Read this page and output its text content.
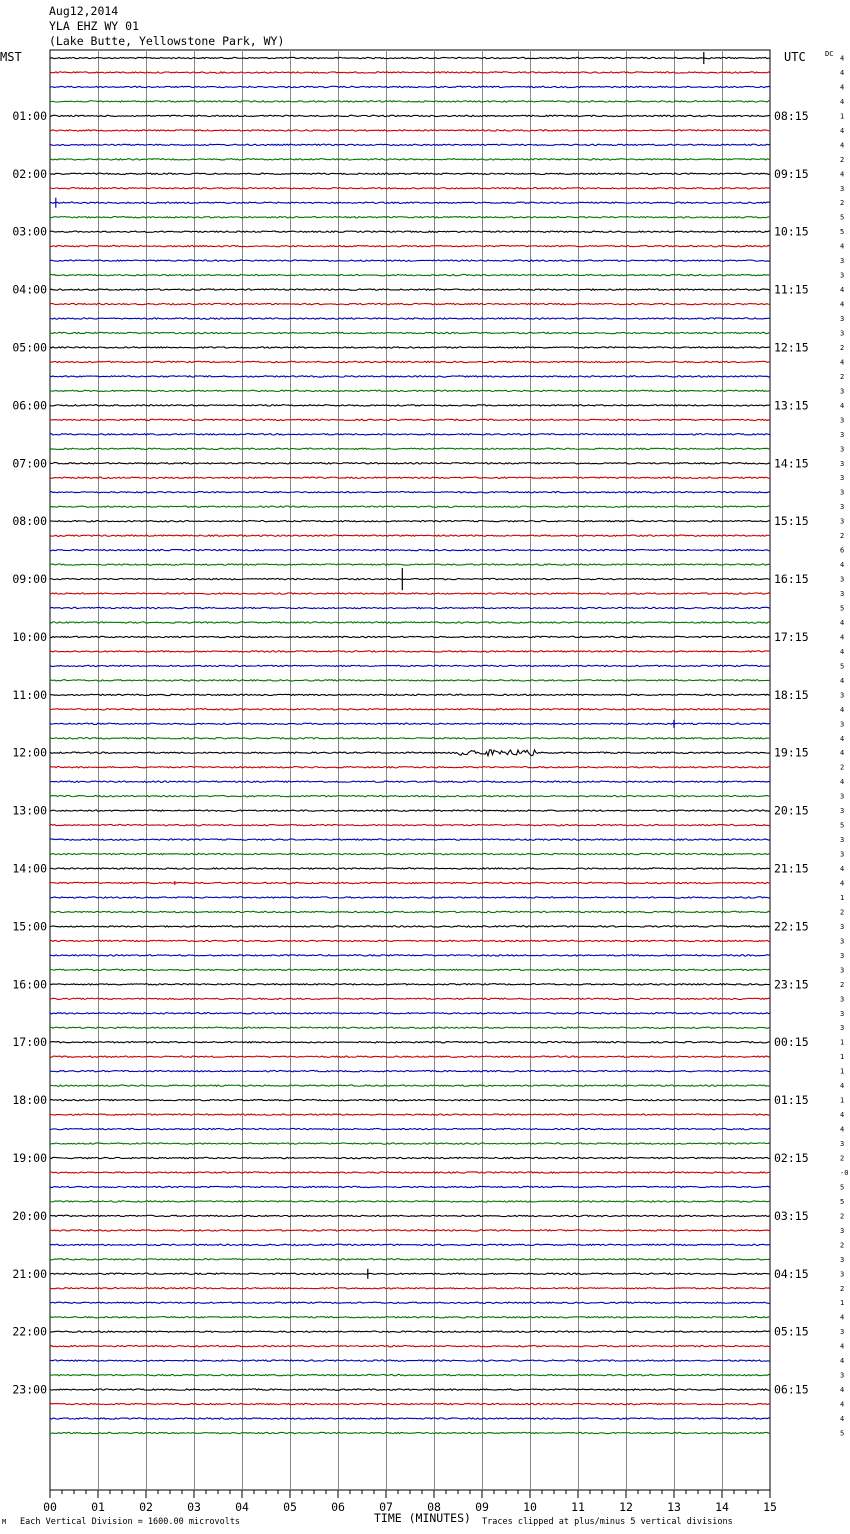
Aug12,2014
YLA EHZ WY 01
(Lake Butte, Yellowstone Park, WY)
4
4
4
4
1
4
4
2
4
3
2
5
5
4
3
3
4
4
3
3
2
4
2
3
4
3
3
3
3
3
3
3
3
2
6
4
3
3
5
4
4
4
5
4
3
4
3
4
4
2
4
3
3
5
3
3
4
4
1
2
3
3
3
3
2
3
3
3
1
1
1
4
1
4
4
3
2
-0
5
5
2
3
2
3
3
2
1
4
3
4
4
3
4
4
4
5
01:00
02:00
03:00
04:00
05:00
06:00
07:00
08:00
09:00
10:00
11:00
12:00
13:00
14:00
15:00
16:00
17:00
18:00
19:00
20:00
21:00
22:00
23:00
08:15
09:15
10:15
11:15
12:15
13:15
14:15
15:15
16:15
17:15
18:15
19:15
20:15
21:15
22:15
23:15
00:15
01:15
02:15
03:15
04:15
05:15
06:15
00	01	02	03	04	05	06	07	08	09	10	11	12	13	14	15
MST	UTC	DC
M Each Vertical Division = 1600.00 microvolts	TIME (MINUTES) Traces clipped at plus/minus 5 vertical divisions
